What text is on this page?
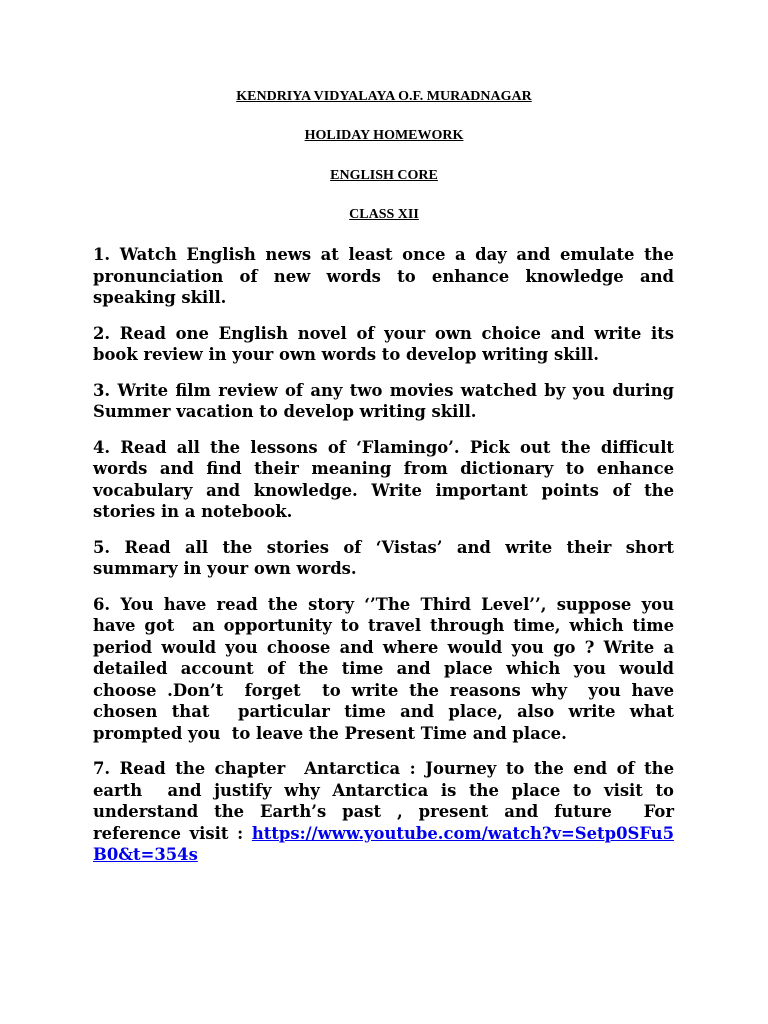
KENDRIYA VIDYALAYA O.F. MURADNAGAR
HOLIDAY HOMEWORK
ENGLISH CORE
CLASS XII

1. Watch English news at least once a day and emulate the pronunciation of new words to enhance knowledge and speaking skill.

2. Read one English novel of your own choice and write its book review in your own words to develop writing skill.

3. Write film review of any two movies watched by you during Summer vacation to develop writing skill.

4. Read all the lessons of ‘Flamingo’. Pick out the difficult words and find their meaning from dictionary to enhance vocabulary and knowledge. Write important points of the stories in a notebook.

5. Read all the stories of ‘Vistas’ and write their short summary in your own words.

6. You have read the story ‘’The Third Level’’, suppose you have got  an opportunity to travel through time, which time period would you choose and where would you go ? Write a detailed account of the time and place which you would choose .Don’t  forget  to write the reasons why  you have chosen that  particular time and place, also write what  prompted you  to leave the Present Time and place.

7. Read the chapter  Antarctica : Journey to the end of the earth  and justify why Antarctica is the place to visit to understand the Earth’s past , present and future  For reference visit : https://www.youtube.com/watch?v=Setp0SFu5B0&t=354s
